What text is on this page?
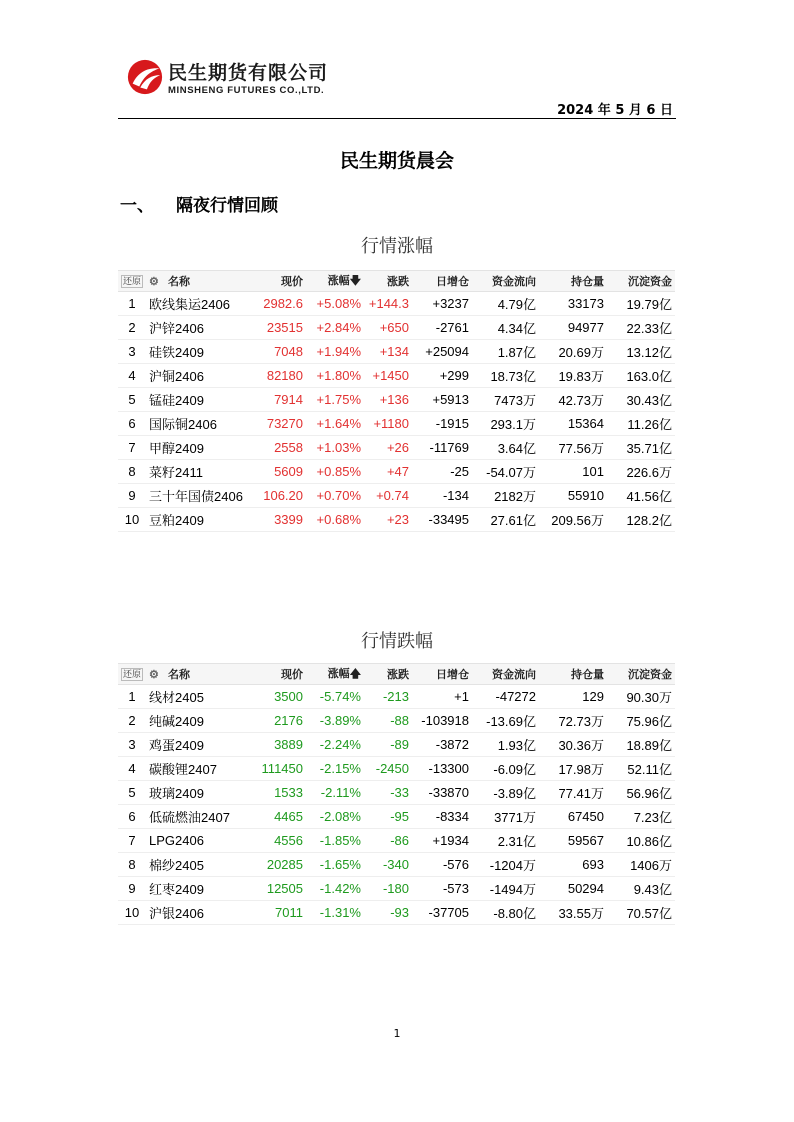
民生期货有限公司
MINSHENG FUTURES CO.,LTD.
2024 年 5 月 6 日
民生期货晨会
一、 隔夜行情回顾
行情涨幅
还原	⚙ 名称	现价	涨幅🡇	涨跌	日增仓	资金流向	持仓量	沉淀资金
1	欧线集运2406	2982.6	+5.08%	+144.3	+3237	4.79亿	33173	19.79亿
2	沪锌2406	23515	+2.84%	+650	-2761	4.34亿	94977	22.33亿
3	硅铁2409	7048	+1.94%	+134	+25094	1.87亿	20.69万	13.12亿
4	沪铜2406	82180	+1.80%	+1450	+299	18.73亿	19.83万	163.0亿
5	锰硅2409	7914	+1.75%	+136	+5913	7473万	42.73万	30.43亿
6	国际铜2406	73270	+1.64%	+1180	-1915	293.1万	15364	11.26亿
7	甲醇2409	2558	+1.03%	+26	-11769	3.64亿	77.56万	35.71亿
8	菜籽2411	5609	+0.85%	+47	-25	-54.07万	101	226.6万
9	三十年国债2406	106.20	+0.70%	+0.74	-134	2182万	55910	41.56亿
10	豆粕2409	3399	+0.68%	+23	-33495	27.61亿	209.56万	128.2亿
行情跌幅
还原	⚙ 名称	现价	涨幅🡅	涨跌	日增仓	资金流向	持仓量	沉淀资金
1	线材2405	3500	-5.74%	-213	+1	-47272	129	90.30万
2	纯碱2409	2176	-3.89%	-88	-103918	-13.69亿	72.73万	75.96亿
3	鸡蛋2409	3889	-2.24%	-89	-3872	1.93亿	30.36万	18.89亿
4	碳酸锂2407	111450	-2.15%	-2450	-13300	-6.09亿	17.98万	52.11亿
5	玻璃2409	1533	-2.11%	-33	-33870	-3.89亿	77.41万	56.96亿
6	低硫燃油2407	4465	-2.08%	-95	-8334	3771万	67450	7.23亿
7	LPG2406	4556	-1.85%	-86	+1934	2.31亿	59567	10.86亿
8	棉纱2405	20285	-1.65%	-340	-576	-1204万	693	1406万
9	红枣2409	12505	-1.42%	-180	-573	-1494万	50294	9.43亿
10	沪银2406	7011	-1.31%	-93	-37705	-8.80亿	33.55万	70.57亿
1
